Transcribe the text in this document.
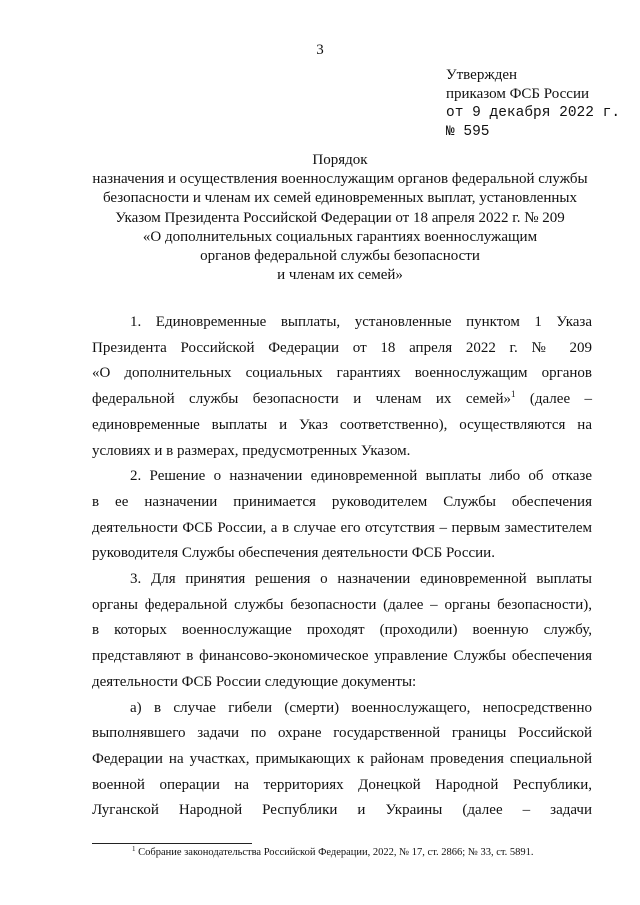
3
Утвержден
приказом ФСБ России
от 9 декабря 2022 г.
№ 595
Порядок
назначения и осуществления военнослужащим органов федеральной службы
безопасности и членам их семей единовременных выплат, установленных
Указом Президента Российской Федерации от 18 апреля 2022 г. № 209
«О дополнительных социальных гарантиях военнослужащим
органов федеральной службы безопасности
и членам их семей»
1. Единовременные выплаты, установленные пунктом 1 Указа
Президента Российской Федерации от 18 апреля 2022 г. № 209
«О дополнительных социальных гарантиях военнослужащим органов
федеральной службы безопасности и членам их семей»$^1$ (далее –
единовременные выплаты и Указ соответственно), осуществляются на
условиях и в размерах, предусмотренных Указом.
2. Решение о назначении единовременной выплаты либо об отказе
в ее назначении принимается руководителем Службы обеспечения
деятельности ФСБ России, а в случае его отсутствия – первым заместителем
руководителя Службы обеспечения деятельности ФСБ России.
3. Для принятия решения о назначении единовременной выплаты
органы федеральной службы безопасности (далее – органы безопасности),
в которых военнослужащие проходят (проходили) военную службу,
представляют в финансово-экономическое управление Службы обеспечения
деятельности ФСБ России следующие документы:
а) в случае гибели (смерти) военнослужащего, непосредственно
выполнявшего задачи по охране государственной границы Российской
Федерации на участках, примыкающих к районам проведения специальной
военной операции на территориях Донецкой Народной Республики,
Луганской Народной Республики и Украины (далее – задачи
$^1$ Собрание законодательства Российской Федерации, 2022, № 17, ст. 2866; № 33, ст. 5891.
